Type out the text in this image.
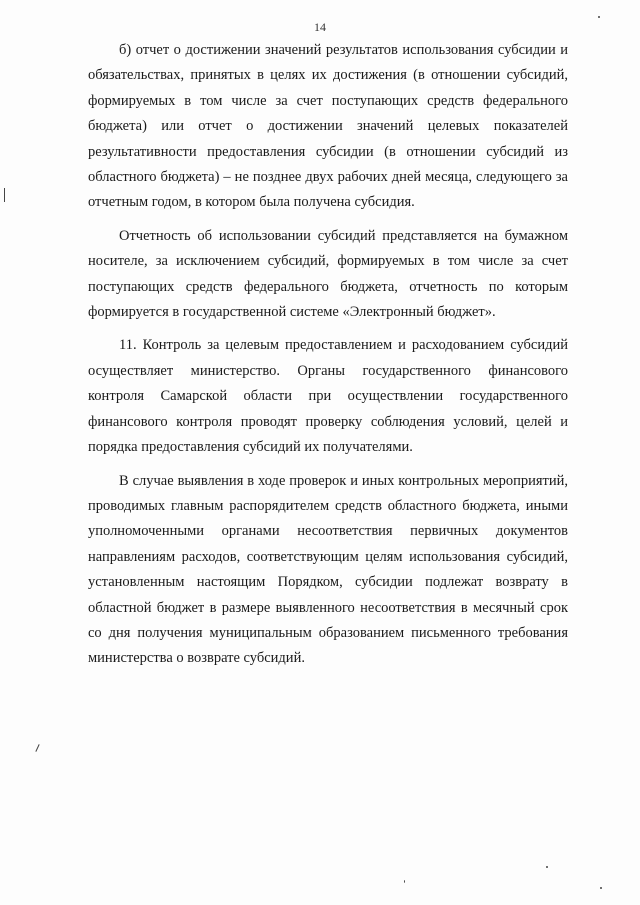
14

б) отчет о достижении значений результатов использования субсидии и обязательствах, принятых в целях их достижения (в отношении субсидий, формируемых в том числе за счет поступающих средств федерального бюджета) или отчет о достижении значений целевых показателей результативности предоставления субсидии (в отношении субсидий из областного бюджета) – не позднее двух рабочих дней месяца, следующего за отчетным годом, в котором была получена субсидия.

Отчетность об использовании субсидий представляется на бумажном носителе, за исключением субсидий, формируемых в том числе за счет поступающих средств федерального бюджета, отчетность по которым формируется в государственной системе «Электронный бюджет».

11. Контроль за целевым предоставлением и расходованием субсидий осуществляет министерство. Органы государственного финансового контроля Самарской области при осуществлении государственного финансового контроля проводят проверку соблюдения условий, целей и порядка предоставления субсидий их получателями.

В случае выявления в ходе проверок и иных контрольных мероприятий, проводимых главным распорядителем средств областного бюджета, иными уполномоченными органами несоответствия первичных документов направлениям расходов, соответствующим целям использования субсидий, установленным настоящим Порядком, субсидии подлежат возврату в областной бюджет в размере выявленного несоответствия в месячный срок со дня получения муниципальным образованием письменного требования министерства о возврате субсидий.
